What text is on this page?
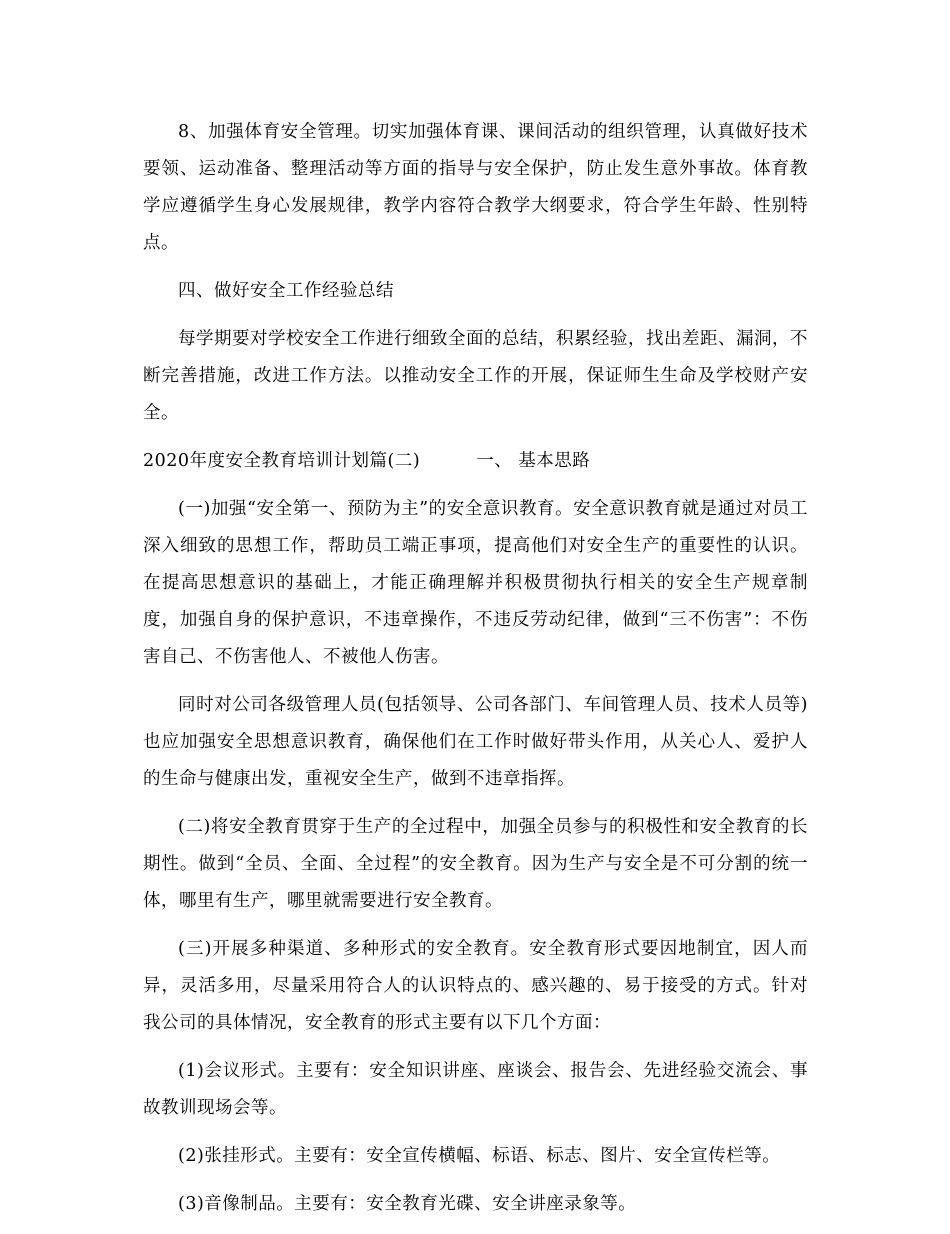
8、加强体育安全管理。切实加强体育课、课间活动的组织管理，认真做好技术要领、运动准备、整理活动等方面的指导与安全保护，防止发生意外事故。体育教学应遵循学生身心发展规律，教学内容符合教学大纲要求，符合学生年龄、性别特点。

四、做好安全工作经验总结

每学期要对学校安全工作进行细致全面的总结，积累经验，找出差距、漏洞，不断完善措施，改进工作方法。以推动安全工作的开展，保证师生生命及学校财产安全。

2020年度安全教育培训计划篇(二)	一、 基本思路

(一)加强“安全第一、预防为主”的安全意识教育。安全意识教育就是通过对员工深入细致的思想工作，帮助员工端正事项，提高他们对安全生产的重要性的认识。在提高思想意识的基础上，才能正确理解并积极贯彻执行相关的安全生产规章制度，加强自身的保护意识，不违章操作，不违反劳动纪律，做到“三不伤害”：不伤害自己、不伤害他人、不被他人伤害。

同时对公司各级管理人员(包括领导、公司各部门、车间管理人员、技术人员等)也应加强安全思想意识教育，确保他们在工作时做好带头作用，从关心人、爱护人的生命与健康出发，重视安全生产，做到不违章指挥。

(二)将安全教育贯穿于生产的全过程中，加强全员参与的积极性和安全教育的长期性。做到“全员、全面、全过程”的安全教育。因为生产与安全是不可分割的统一体，哪里有生产，哪里就需要进行安全教育。

(三)开展多种渠道、多种形式的安全教育。安全教育形式要因地制宜，因人而异，灵活多用，尽量采用符合人的认识特点的、感兴趣的、易于接受的方式。针对我公司的具体情况，安全教育的形式主要有以下几个方面：

(1)会议形式。主要有：安全知识讲座、座谈会、报告会、先进经验交流会、事故教训现场会等。

(2)张挂形式。主要有：安全宣传横幅、标语、标志、图片、安全宣传栏等。

(3)音像制品。主要有：安全教育光碟、安全讲座录象等。
